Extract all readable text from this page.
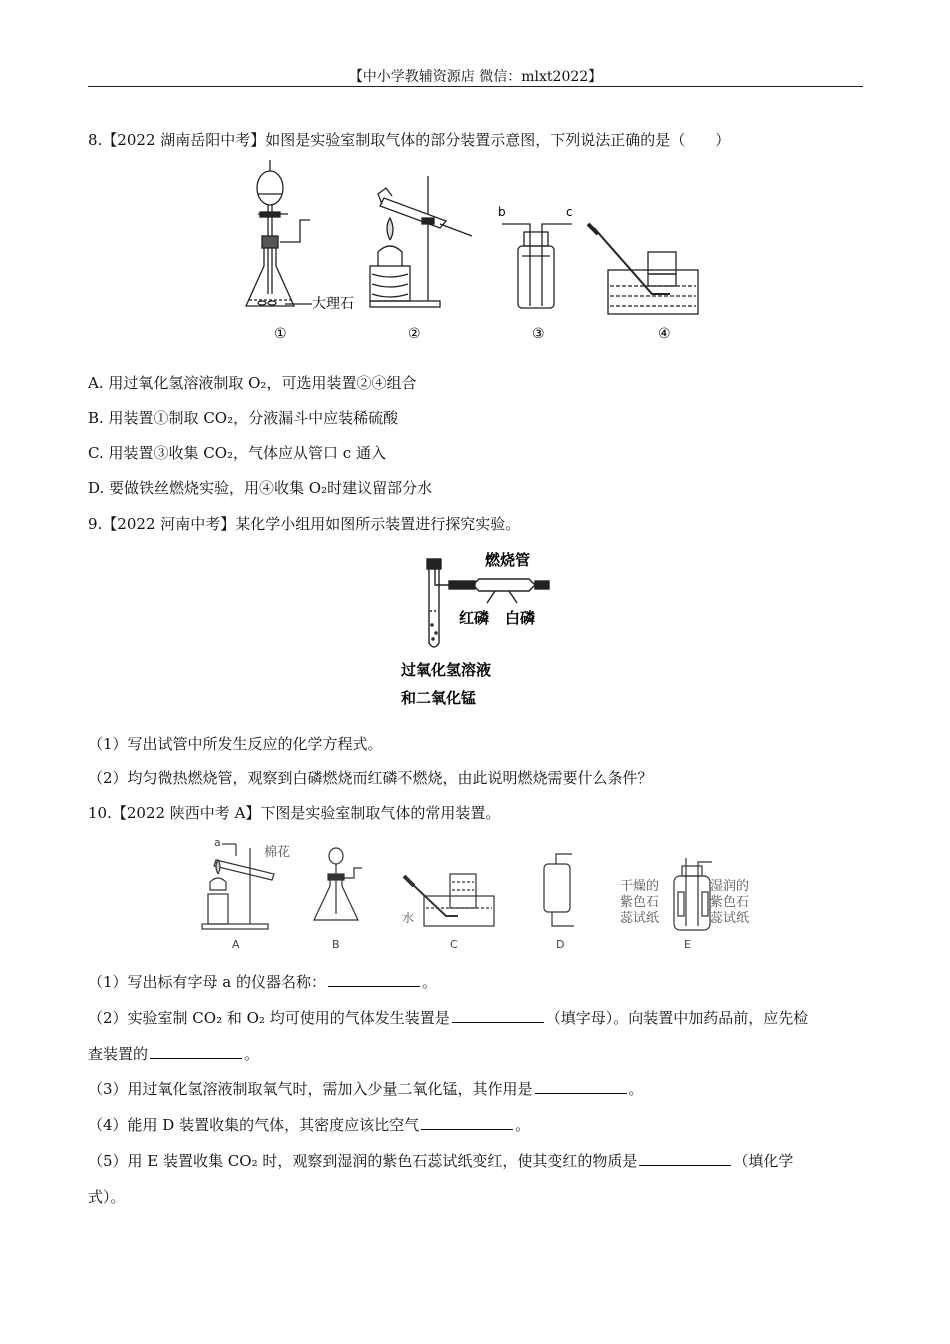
【中小学教辅资源店 微信：mlxt2022】
8.【2022 湖南岳阳中考】如图是实验室制取气体的部分装置示意图，下列说法正确的是（　　）
大理石
b	c
①	②	③	④
A. 用过氧化氢溶液制取 O₂，可选用装置②④组合
B. 用装置①制取 CO₂，分液漏斗中应装稀硫酸
C. 用装置③收集 CO₂，气体应从管口 c 通入
D. 要做铁丝燃烧实验，用④收集 O₂时建议留部分水
9.【2022 河南中考】某化学小组用如图所示装置进行探究实验。
燃烧管
红磷 白磷
过氧化氢溶液
和二氧化锰
（1）写出试管中所发生反应的化学方程式。
（2）均匀微热燃烧管，观察到白磷燃烧而红磷不燃烧，由此说明燃烧需要什么条件？
10.【2022 陕西中考 A】下图是实验室制取气体的常用装置。
a
棉花
水
干燥的
紫色石
蕊试纸
湿润的
紫色石
蕊试纸
A	B	C	D	E
（1）写出标有字母 a 的仪器名称：	。
（2）实验室制 CO₂ 和 O₂ 均可使用的气体发生装置是	（填字母）。向装置中加药品前，应先检
查装置的	。
（3）用过氧化氢溶液制取氧气时，需加入少量二氧化锰，其作用是	。
（4）能用 D 装置收集的气体，其密度应该比空气	。
（5）用 E 装置收集 CO₂ 时，观察到湿润的紫色石蕊试纸变红，使其变红的物质是	（填化学
式）。
